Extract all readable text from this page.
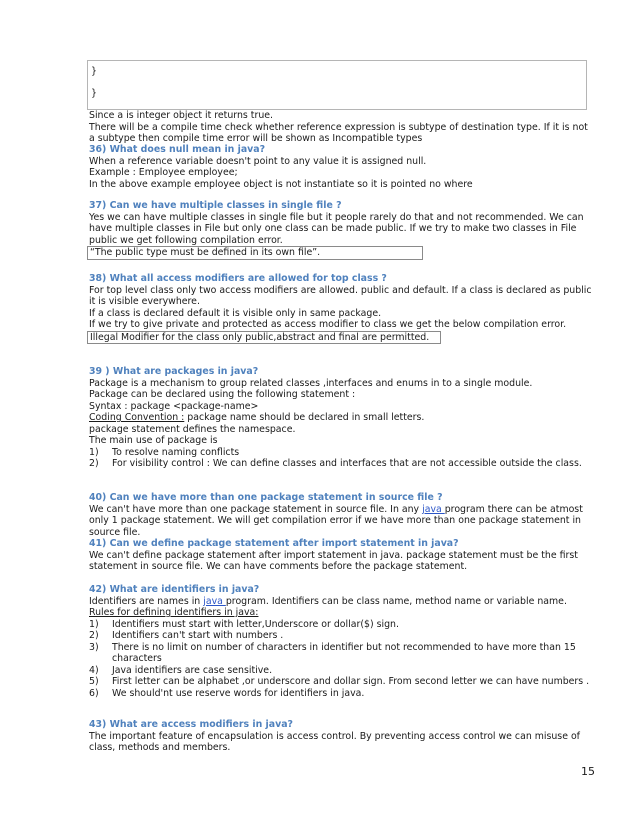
}
}

Since a is integer object it returns true.

There will be a compile time check whether reference expression is subtype of destination type. If it is not a subtype then compile time error will be shown as Incompatible types

36) What does null mean in java?

When a reference variable doesn't point to any value it is assigned null.

Example : Employee employee;

In the above example employee object is not instantiate so it is pointed no where

37) Can we have multiple classes in single file ?

Yes we can have multiple classes in single file but it people rarely do that and not recommended. We can have multiple classes in File but only one class can be made public. If we try to make two classes in File public we get following compilation error.

“The public type must be defined in its own file”.

38) What all access modifiers are allowed for top class ?

For top level class only two access modifiers are allowed. public and default. If a class is declared as public it is visible everywhere.

If a class is declared default it is visible only in same package.

If we try to give private and protected as access modifier to class we get the below compilation error.

Illegal Modifier for the class only public,abstract and final are permitted.

39 ) What are packages in java?

Package is a mechanism to group related classes ,interfaces and enums in to a single module.

Package can be declared using the following statement :

Syntax : package <package-name>

Coding Convention : package name should be declared in small letters.

package statement defines the namespace.

The main use of package is

1)	To resolve naming conflicts
2)	For visibility control : We can define classes and interfaces that are not accessible outside the class.

40) Can we have more than one package statement in source file ?

We can't have more than one package statement in source file. In any java program there can be atmost only 1 package statement. We will get compilation error if we have more than one package statement in source file.

41) Can we define package statement after import statement in java?

We can't define package statement after import statement in java. package statement must be the first statement in source file. We can have comments before the package statement.

42) What are identifiers in java?

Identifiers are names in java program. Identifiers can be class name, method name or variable name.

Rules for defining identifiers in java:

1)	Identifiers must start with letter,Underscore or dollar($) sign.
2)	Identifiers can't start with numbers .
3)	There is no limit on number of characters in identifier but not recommended to have more than 15 characters
4)	Java identifiers are case sensitive.
5)	First letter can be alphabet ,or underscore and dollar sign. From second letter we can have numbers .
6)	We should'nt use reserve words for identifiers in java.

43) What are access modifiers in java?

The important feature of encapsulation is access control. By preventing access control we can misuse of class, methods and members.

15
